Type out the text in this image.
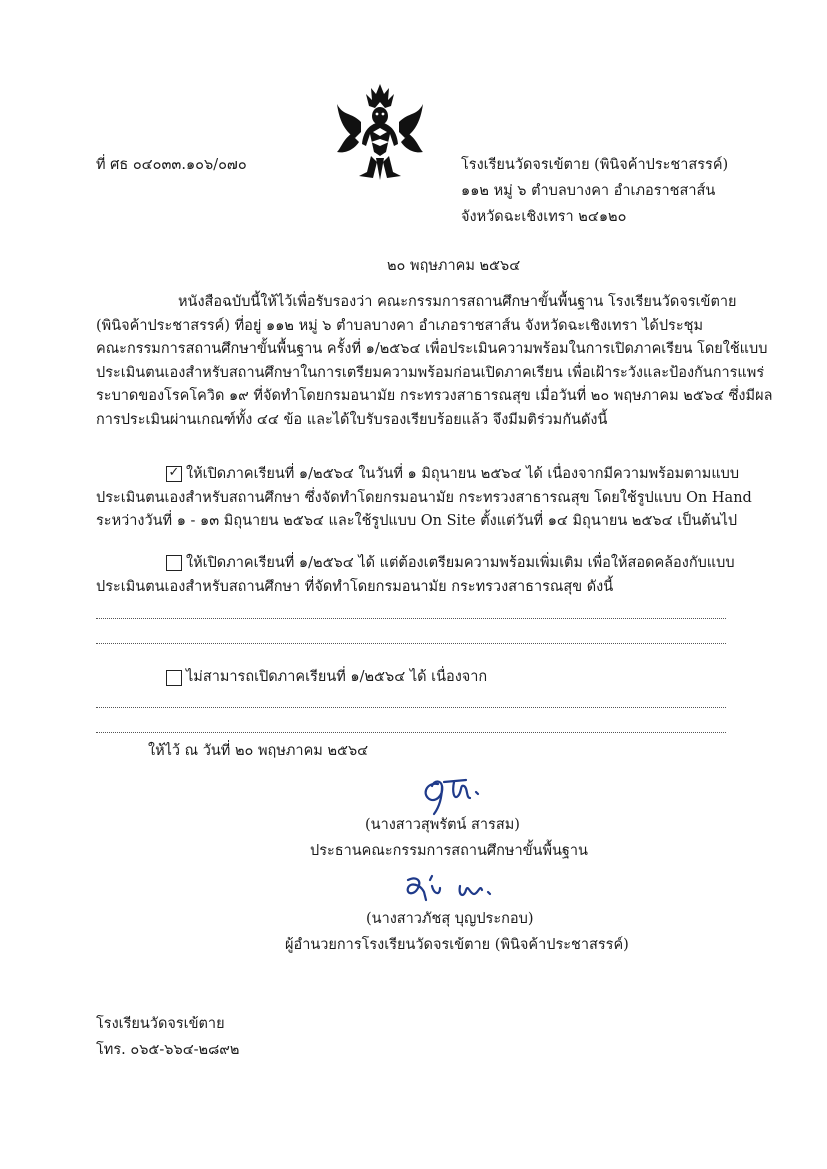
ที่ ศธ ๐๔๐๓๓.๑๐๖/๐๗๐	โรงเรียนวัดจรเข้ตาย (พินิจค้าประชาสรรค์)
๑๑๒ หมู่ ๖ ตำบลบางคา อำเภอราชสาส์น
จังหวัดฉะเชิงเทรา ๒๔๑๒๐
๒๐ พฤษภาคม ๒๕๖๔
หนังสือฉบับนี้ให้ไว้เพื่อรับรองว่า คณะกรรมการสถานศึกษาขั้นพื้นฐาน โรงเรียนวัดจรเข้ตาย
(พินิจค้าประชาสรรค์) ที่อยู่ ๑๑๒ หมู่ ๖ ตำบลบางคา อำเภอราชสาส์น จังหวัดฉะเชิงเทรา ได้ประชุม
คณะกรรมการสถานศึกษาขั้นพื้นฐาน ครั้งที่ ๑/๒๕๖๔ เพื่อประเมินความพร้อมในการเปิดภาคเรียน โดยใช้แบบ
ประเมินตนเองสำหรับสถานศึกษาในการเตรียมความพร้อมก่อนเปิดภาคเรียน เพื่อเฝ้าระวังและป้องกันการแพร่
ระบาดของโรคโควิด ๑๙ ที่จัดทำโดยกรมอนามัย กระทรวงสาธารณสุข เมื่อวันที่ ๒๐ พฤษภาคม ๒๕๖๔ ซึ่งมีผล
การประเมินผ่านเกณฑ์ทั้ง ๔๔ ข้อ และได้ใบรับรองเรียบร้อยแล้ว จึงมีมติร่วมกันดังนี้
✓ ให้เปิดภาคเรียนที่ ๑/๒๕๖๔ ในวันที่ ๑ มิถุนายน ๒๕๖๔ ได้ เนื่องจากมีความพร้อมตามแบบ
ประเมินตนเองสำหรับสถานศึกษา ซึ่งจัดทำโดยกรมอนามัย กระทรวงสาธารณสุข โดยใช้รูปแบบ On Hand
ระหว่างวันที่ ๑ - ๑๓ มิถุนายน ๒๕๖๔ และใช้รูปแบบ On Site ตั้งแต่วันที่ ๑๔ มิถุนายน ๒๕๖๔ เป็นต้นไป
ให้เปิดภาคเรียนที่ ๑/๒๕๖๔ ได้ แต่ต้องเตรียมความพร้อมเพิ่มเติม เพื่อให้สอดคล้องกับแบบ
ประเมินตนเองสำหรับสถานศึกษา ที่จัดทำโดยกรมอนามัย กระทรวงสาธารณสุข ดังนี้
ไม่สามารถเปิดภาคเรียนที่ ๑/๒๕๖๔ ได้ เนื่องจาก
ให้ไว้ ณ วันที่ ๒๐ พฤษภาคม ๒๕๖๔
(นางสาวสุพรัตน์ สารสม)
ประธานคณะกรรมการสถานศึกษาขั้นพื้นฐาน
(นางสาวภัชสุ บุญประกอบ)
ผู้อำนวยการโรงเรียนวัดจรเข้ตาย (พินิจค้าประชาสรรค์)
โรงเรียนวัดจรเข้ตาย
โทร. ๐๖๕-๖๖๔-๒๘๙๒
